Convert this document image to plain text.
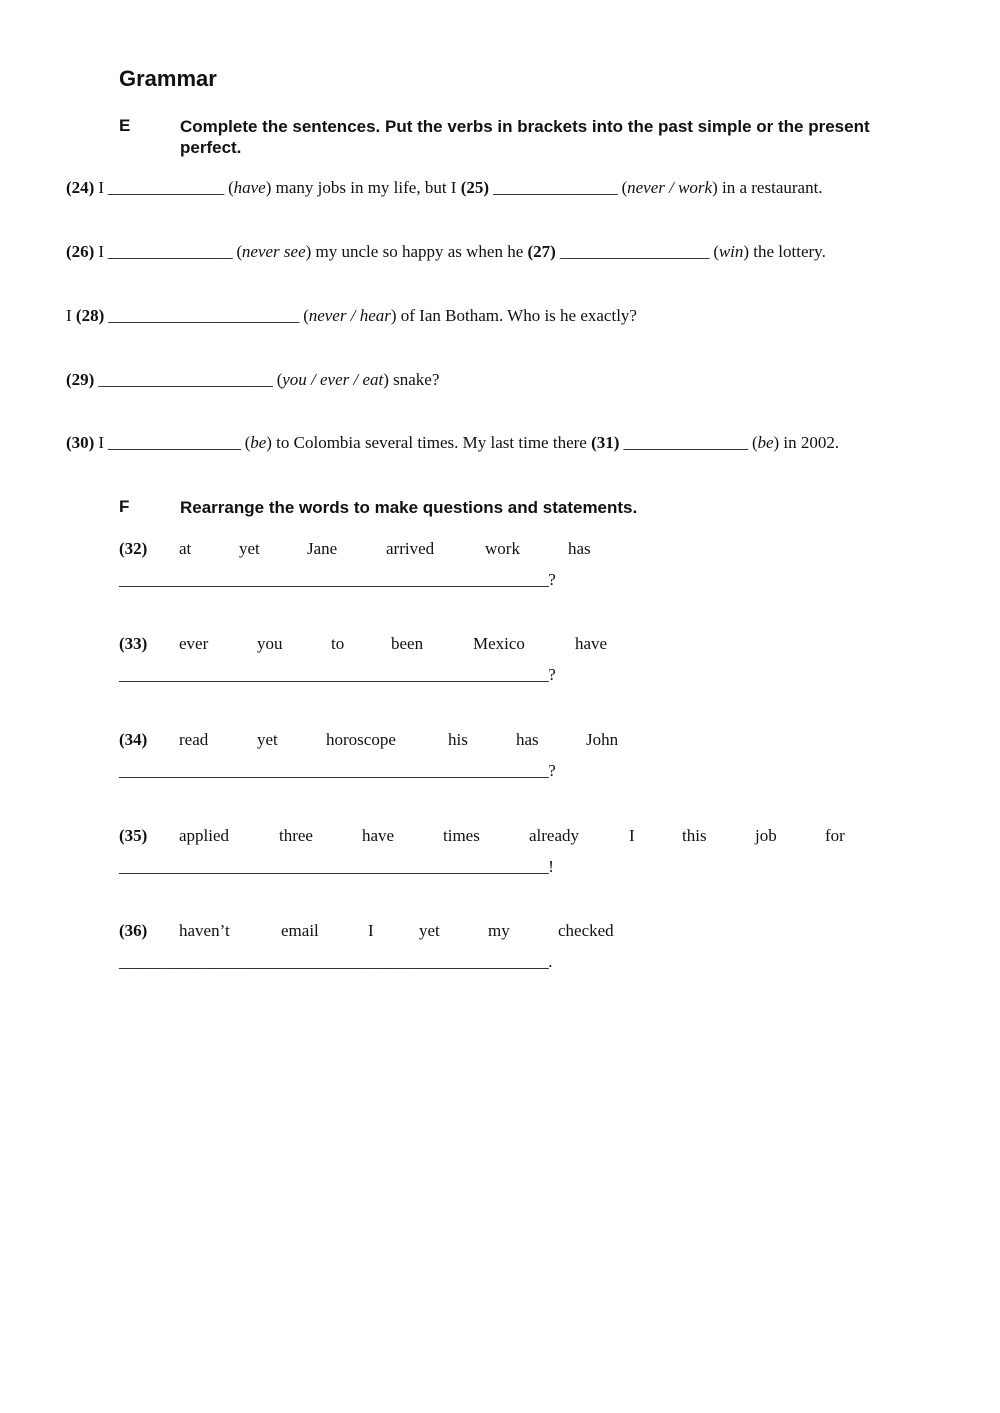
Grammar
E	Complete the sentences. Put the verbs in brackets into the past simple or the present perfect.
(24) I ______________ (have) many jobs in my life, but I (25) _______________ (never / work) in a restaurant.
(26) I _______________ (never see) my uncle so happy as when he (27) __________________ (win) the lottery.
I (28) _______________________ (never / hear) of Ian Botham. Who is he exactly?
(29) _____________________ (you / ever / eat) snake?
(30) I ________________ (be) to Colombia several times. My last time there (31) _______________ (be) in 2002.
F	Rearrange the words to make questions and statements.
(32) at	yet	Jane	arrived	work	has
_____________________________________________________?
(33) ever	you	to	been	Mexico	have
_____________________________________________________?
(34) read	yet	horoscope	his	has	John
_____________________________________________________?
(35) applied	three	have	times	already	I	this	job	for
_____________________________________________________!
(36) haven’t	email	I	yet	my	checked
_____________________________________________________.
